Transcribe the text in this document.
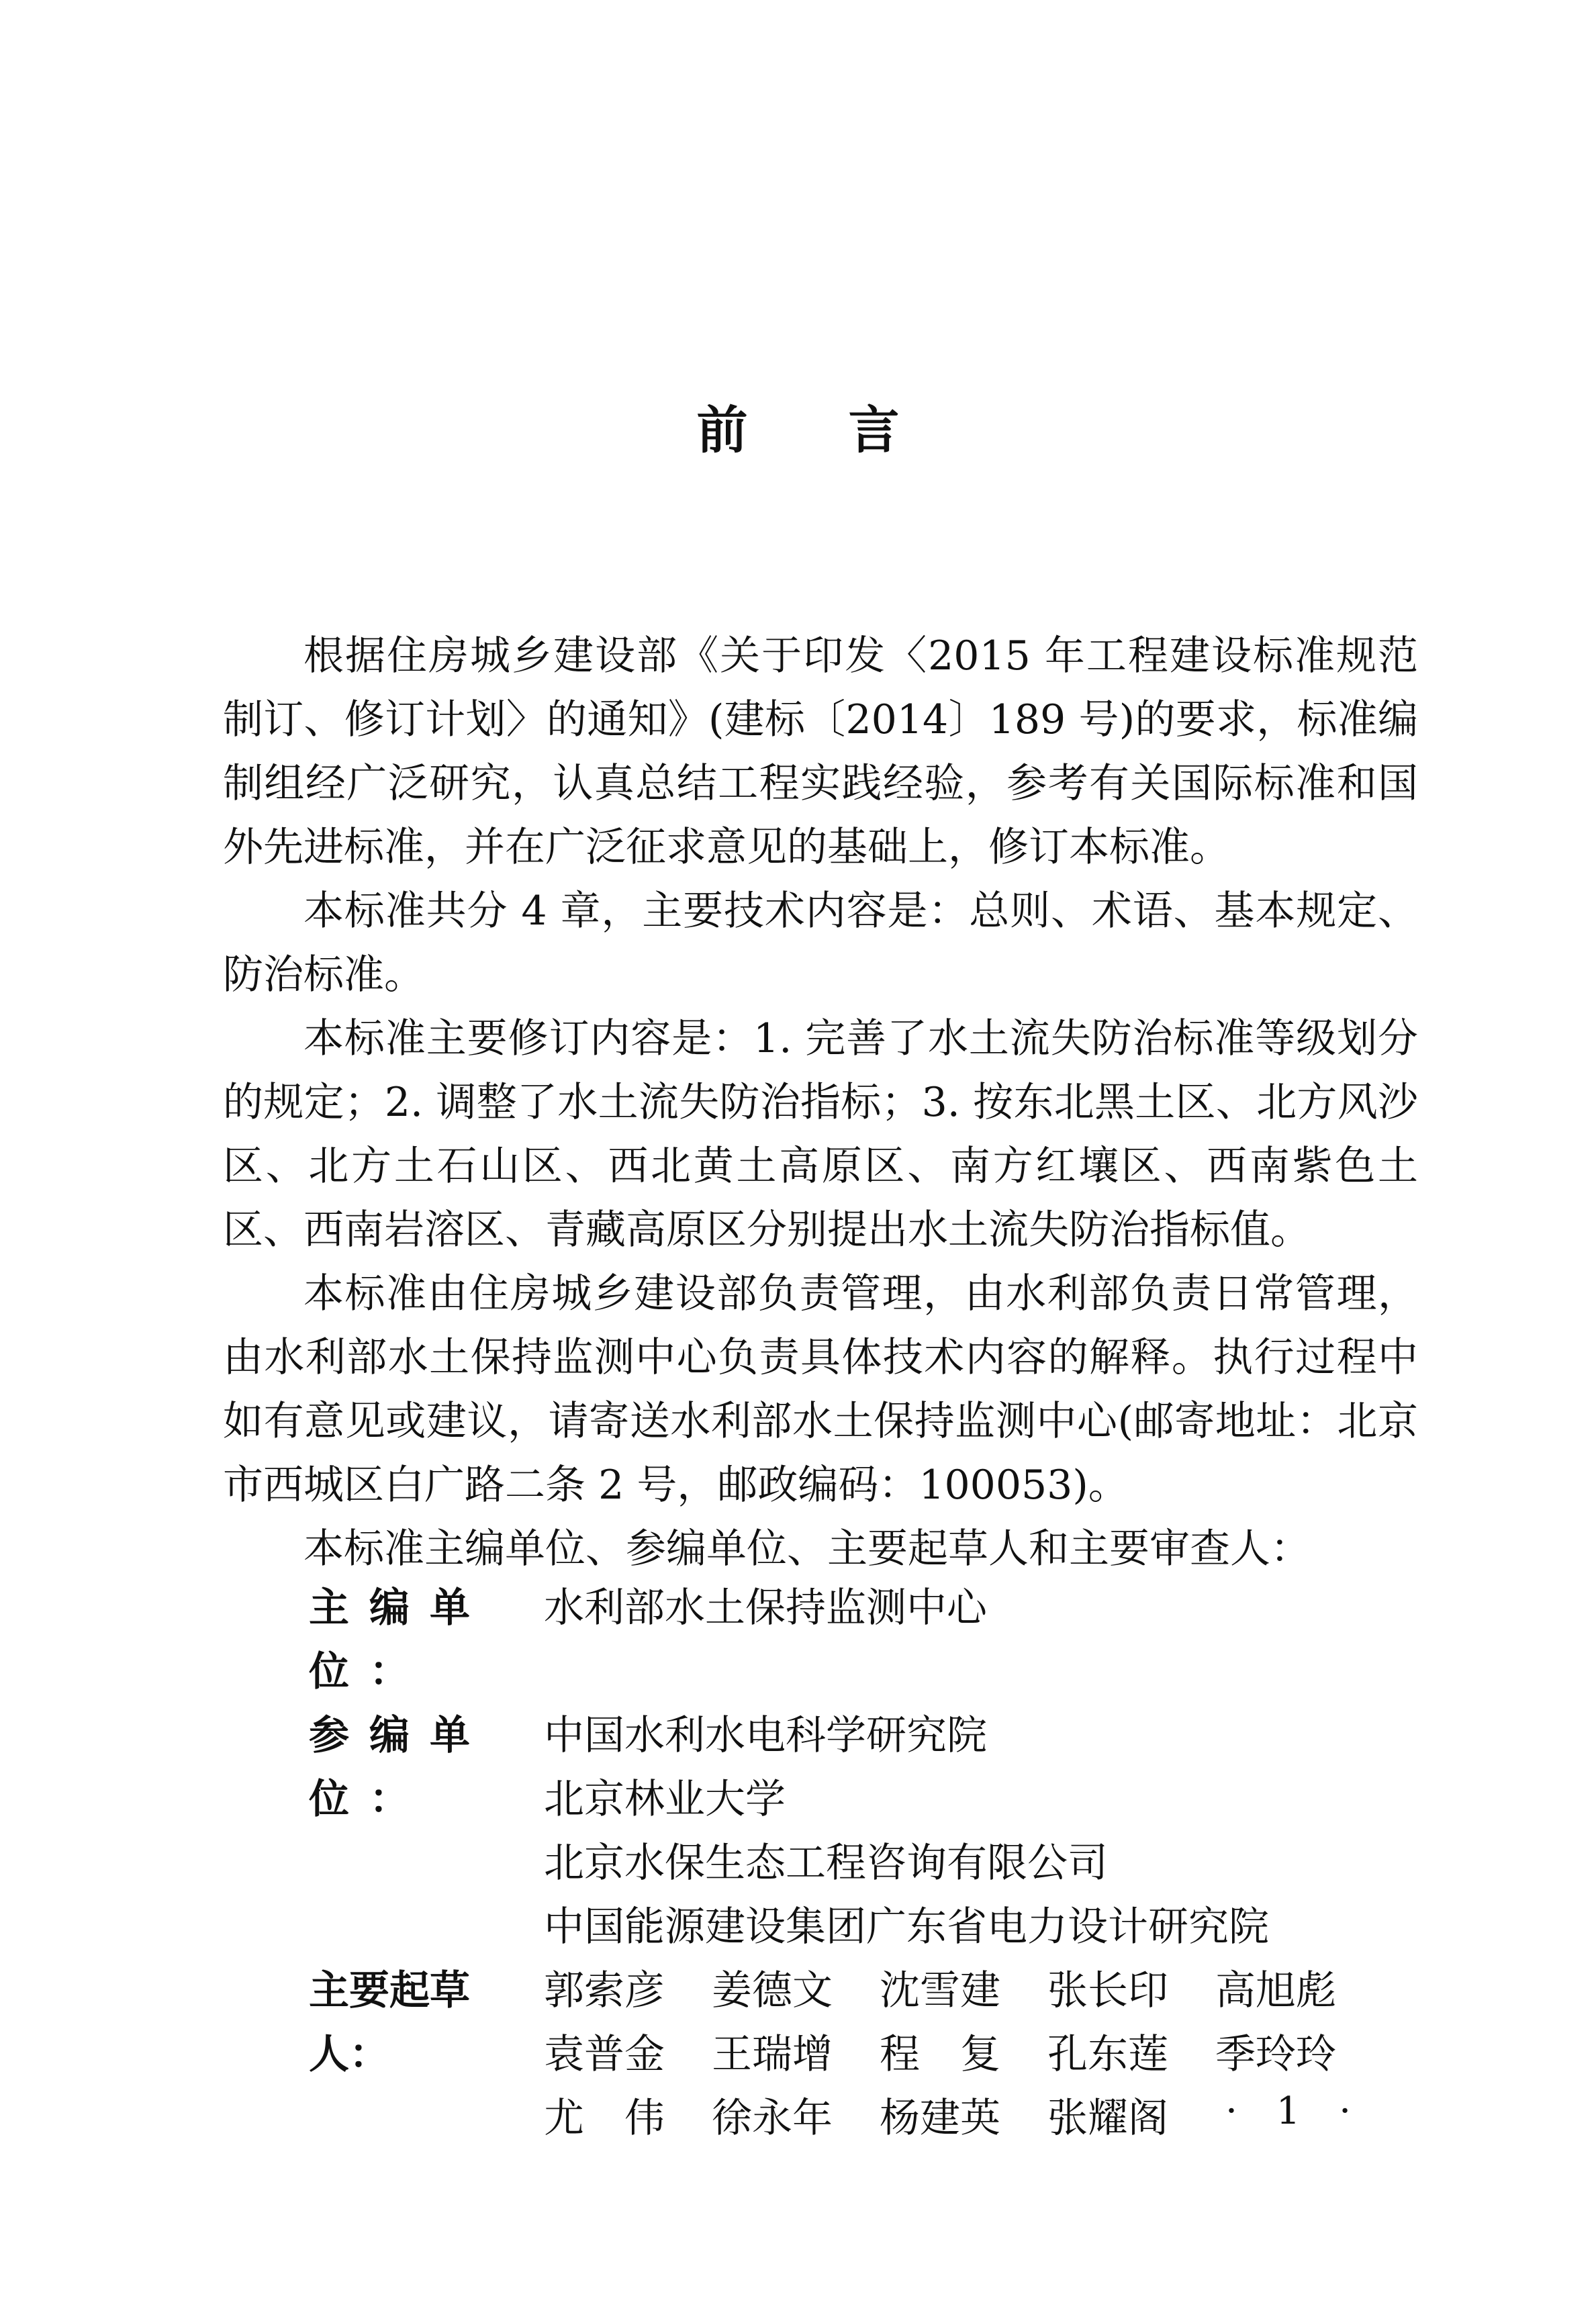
前 言

根据住房城乡建设部《关于印发〈2015 年工程建设标准规范制订、修订计划〉的通知》(建标〔2014〕189 号)的要求，标准编制组经广泛研究，认真总结工程实践经验，参考有关国际标准和国外先进标准，并在广泛征求意见的基础上，修订本标准。

本标准共分 4 章，主要技术内容是：总则、术语、基本规定、防治标准。

本标准主要修订内容是：1. 完善了水土流失防治标准等级划分的规定；2. 调整了水土流失防治指标；3. 按东北黑土区、北方风沙区、北方土石山区、西北黄土高原区、南方红壤区、西南紫色土区、西南岩溶区、青藏高原区分别提出水土流失防治指标值。

本标准由住房城乡建设部负责管理，由水利部负责日常管理，由水利部水土保持监测中心负责具体技术内容的解释。执行过程中如有意见或建议，请寄送水利部水土保持监测中心(邮寄地址：北京市西城区白广路二条 2 号，邮政编码：100053)。

本标准主编单位、参编单位、主要起草人和主要审查人：

主编单位：
水利部水土保持监测中心
参编单位：
中国水利水电科学研究院
北京林业大学
北京水保生态工程咨询有限公司
中国能源建设集团广东省电力设计研究院
主要起草人：
郭索彦	姜德文	沈雪建	张长印	高旭彪
袁普金	王瑞增	程　复	孔东莲	季玲玲
尤　伟	徐永年	杨建英	张耀阁	· 1 ·
